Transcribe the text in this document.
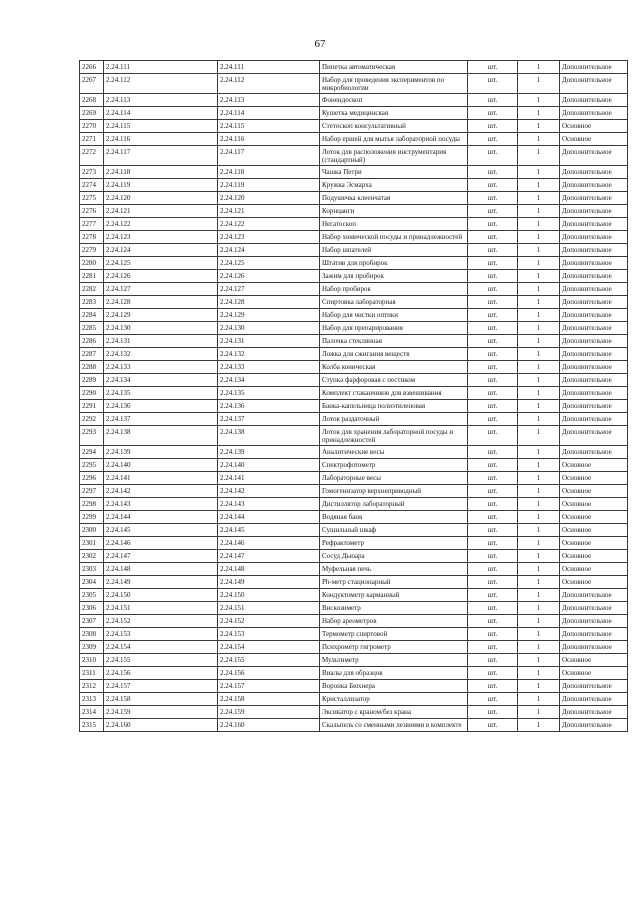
67
2266	2.24.111	2.24.111	Пипетка автоматическая	шт.	1	Дополнительное
2267	2.24.112	2.24.112	Набор для проведения экспериментов по микробиологии	шт.	1	Дополнительное
2268	2.24.113	2.24.113	Фонендоскоп	шт.	1	Дополнительное
2269	2.24.114	2.24.114	Кушетка медицинская	шт.	1	Дополнительное
2270	2.24.115	2.24.115	Стетоскоп консультативный	шт.	1	Основное
2271	2.24.116	2.24.116	Набор ершей для мытья лабораторной посуды	шт.	1	Основное
2272	2.24.117	2.24.117	Лоток для расположения инструментария (стандартный)	шт.	1	Дополнительное
2273	2.24.118	2.24.118	Чашка Петри	шт.	1	Дополнительное
2274	2.24.119	2.24.119	Кружка Эсмарха	шт.	1	Дополнительное
2275	2.24.120	2.24.120	Подушечка клеенчатая	шт.	1	Дополнительное
2276	2.24.121	2.24.121	Корнцанги	шт.	1	Дополнительное
2277	2.24.122	2.24.122	Негатоскоп	шт.	1	Дополнительное
2278	2.24.123	2.24.123	Набор химической посуды и принадлежностей	шт.	1	Дополнительное
2279	2.24.124	2.24.124	Набор шпателей	шт.	1	Дополнительное
2280	2.24.125	2.24.125	Штатив для пробирок	шт.	1	Дополнительное
2281	2.24.126	2.24.126	Зажим для пробирок	шт.	1	Дополнительное
2282	2.24.127	2.24.127	Набор пробирок	шт.	1	Дополнительное
2283	2.24.128	2.24.128	Спиртовка лабораторная	шт.	1	Дополнительное
2284	2.24.129	2.24.129	Набор для чистки оптики	шт.	1	Дополнительное
2285	2.24.130	2.24.130	Набор для препарирования	шт.	1	Дополнительное
2286	2.24.131	2.24.131	Палочка стеклянная	шт.	1	Дополнительное
2287	2.24.132	2.24.132	Ложка для сжигания веществ	шт.	1	Дополнительное
2288	2.24.133	2.24.133	Колба коническая	шт.	1	Дополнительное
2289	2.24.134	2.24.134	Ступка фарфоровая с пестиком	шт.	1	Дополнительное
2290	2.24.135	2.24.135	Комплект стаканчиков для взвешивания	шт.	1	Дополнительное
2291	2.24.136	2.24.136	Банка-капельница полиэтиленовая	шт.	1	Дополнительное
2292	2.24.137	2.24.137	Лоток раздаточный	шт.	1	Дополнительное
2293	2.24.138	2.24.138	Лоток для хранения лабораторной посуды и принадлежностей	шт.	1	Дополнительное
2294	2.24.139	2.24.139	Аналитические весы	шт.	1	Дополнительное
2295	2.24.140	2.24.140	Спектрофотометр	шт.	1	Основное
2296	2.24.141	2.24.141	Лабораторные весы	шт.	1	Основное
2297	2.24.142	2.24.142	Гомогенизатор верхнеприводный	шт.	1	Основное
2298	2.24.143	2.24.143	Дистиллятор лабораторный	шт.	1	Основное
2299	2.24.144	2.24.144	Водяная баня	шт.	1	Основное
2300	2.24.145	2.24.145	Сушильный шкаф	шт.	1	Основное
2301	2.24.146	2.24.146	Рефрактометр	шт.	1	Основное
2302	2.24.147	2.24.147	Сосуд Дьюара	шт.	1	Основное
2303	2.24.148	2.24.148	Муфельная печь	шт.	1	Основное
2304	2.24.149	2.24.149	Ph-метр стационарный	шт.	1	Основное
2305	2.24.150	2.24.150	Кондуктометр карманный	шт.	1	Дополнительное
2306	2.24.151	2.24.151	Вискозиметр	шт.	1	Дополнительное
2307	2.24.152	2.24.152	Набор ареометров	шт.	1	Дополнительное
2308	2.24.153	2.24.153	Термометр спиртовой	шт.	1	Дополнительное
2309	2.24.154	2.24.154	Психрометр гигрометр	шт.	1	Дополнительное
2310	2.24.155	2.24.155	Мультиметр	шт.	1	Основное
2311	2.24.156	2.24.156	Виалы для образцов	шт.	1	Основное
2312	2.24.157	2.24.157	Воронка Бюхнера	шт.	1	Дополнительное
2313	2.24.158	2.24.158	Кристаллизатор	шт.	1	Дополнительное
2314	2.24.159	2.24.159	Эксикатор с краном/без крана	шт.	1	Дополнительное
2315	2.24.160	2.24.160	Скальпель со сменными лезвиями в комплекте	шт.	1	Дополнительное
